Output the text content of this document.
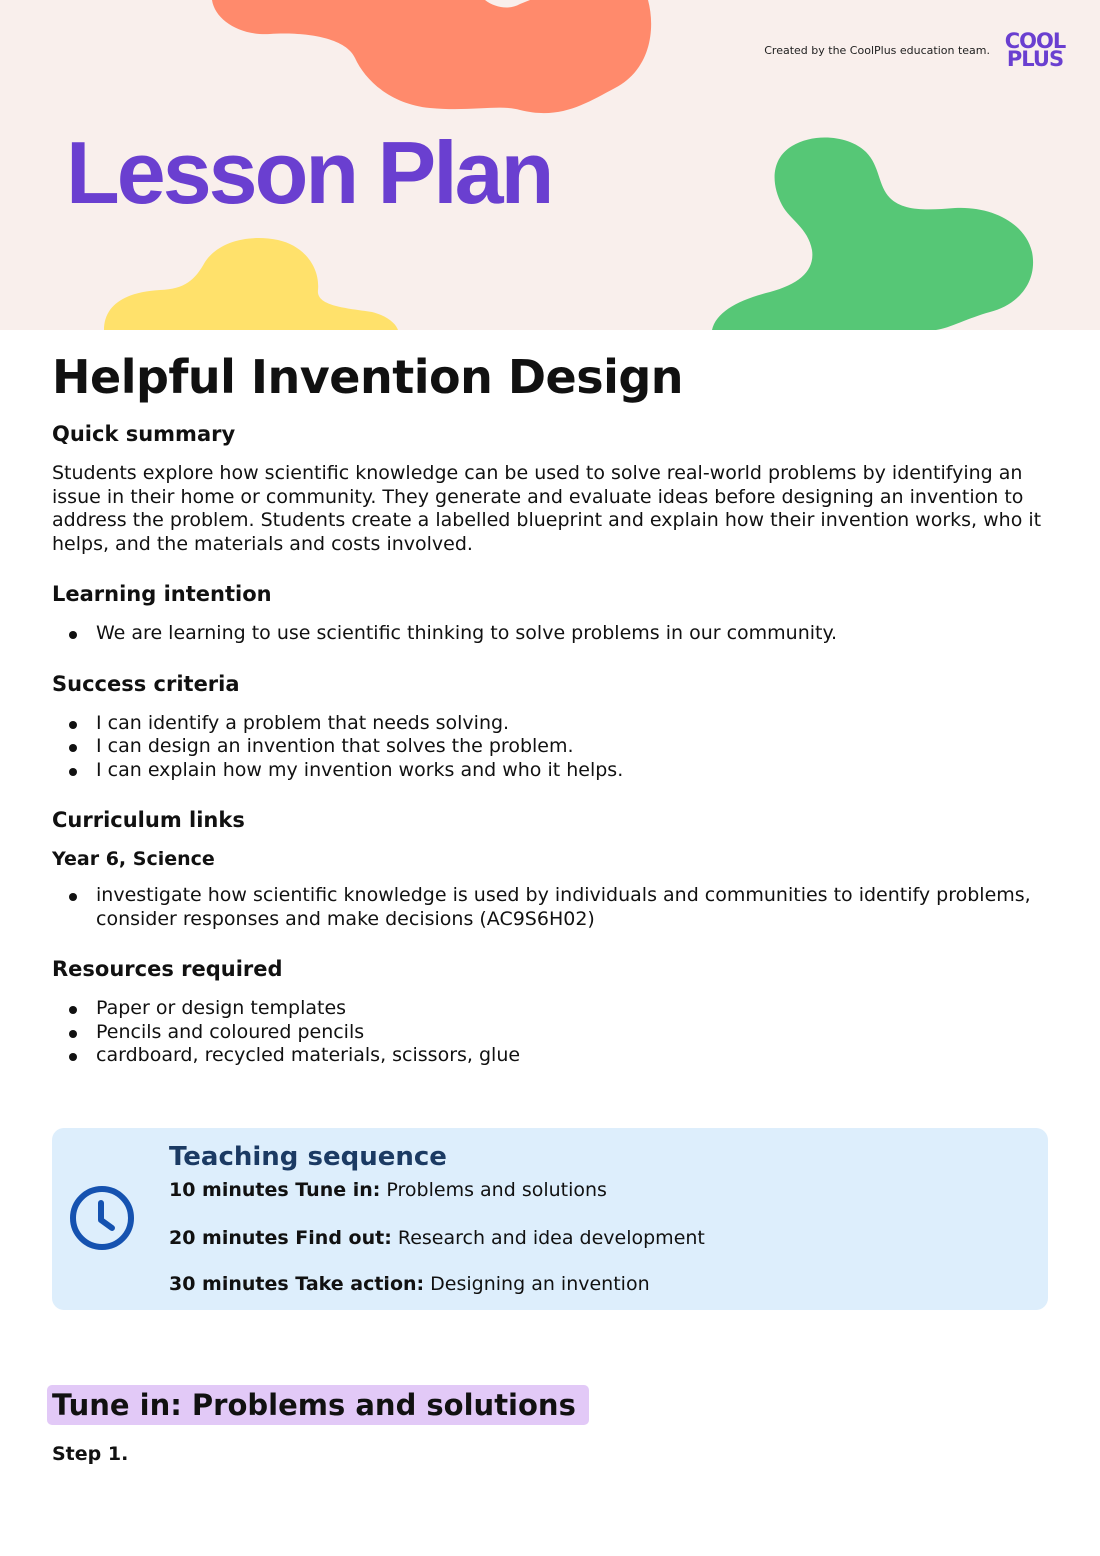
Created by the CoolPlus education team. COOL
PLUS
Lesson Plan
Helpful Invention Design
Quick summary

Students explore how scientific knowledge can be used to solve real-world problems by identifying an issue in their home or community. They generate and evaluate ideas before designing an invention to address the problem. Students create a labelled blueprint and explain how their invention works, who it helps, and the materials and costs involved.

Learning intention
We are learning to use scientific thinking to solve problems in our community.
Success criteria
I can identify a problem that needs solving.
I can design an invention that solves the problem.
I can explain how my invention works and who it helps.
Curriculum links
Year 6, Science
investigate how scientific knowledge is used by individuals and communities to identify problems, consider responses and make decisions (AC9S6H02)
Resources required
Paper or design templates
Pencils and coloured pencils
cardboard, recycled materials, scissors, glue
Teaching sequence

10 minutes Tune in: Problems and solutions

20 minutes Find out: Research and idea development

30 minutes Take action: Designing an invention

Tune in: Problems and solutions

Step 1.
